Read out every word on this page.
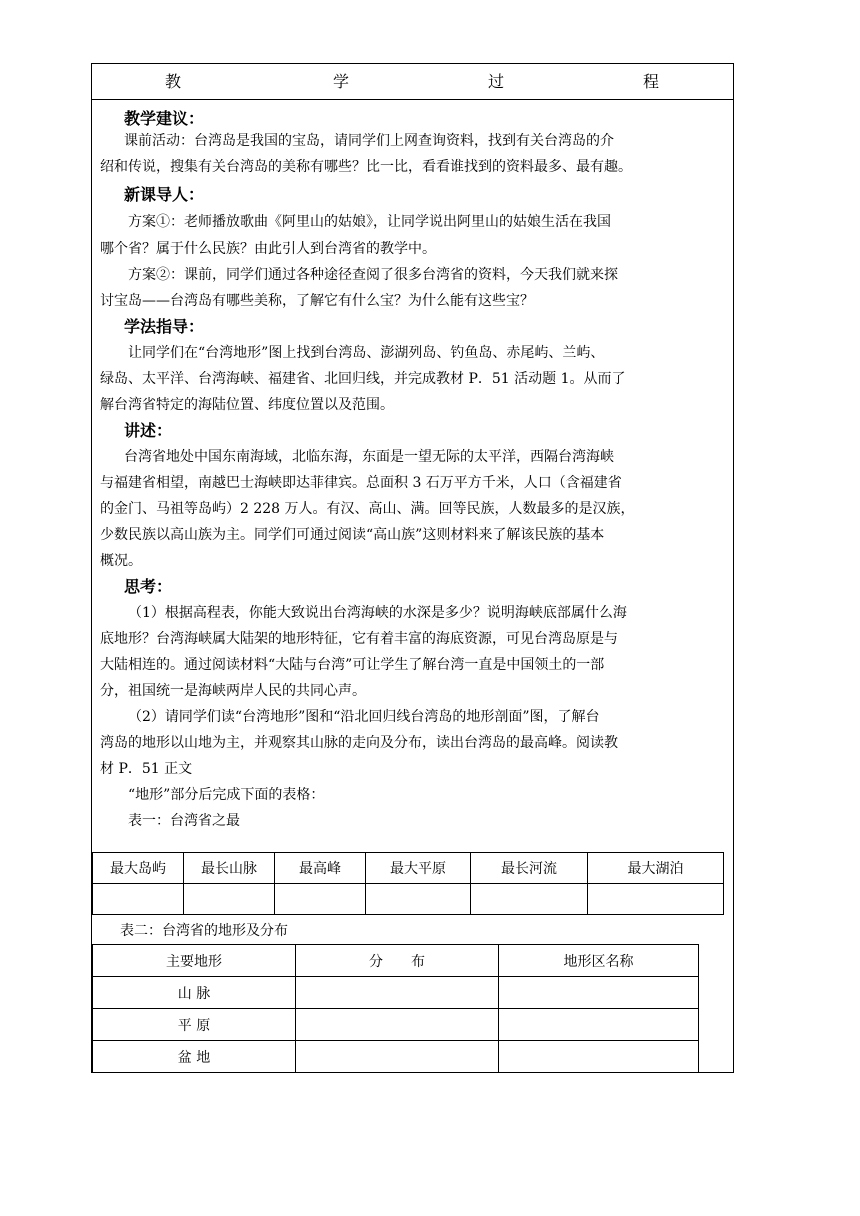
教	学	过	程
教学建议：
课前活动：台湾岛是我国的宝岛，请同学们上网查询资料，找到有关台湾岛的介
绍和传说，搜集有关台湾岛的美称有哪些？比一比，看看谁找到的资料最多、最有趣。
新课导人：
方案①：老师播放歌曲《阿里山的姑娘》，让同学说出阿里山的姑娘生活在我国
哪个省？属于什么民族？由此引人到台湾省的教学中。
方案②：课前，同学们通过各种途径查阅了很多台湾省的资料，今天我们就来探
讨宝岛——台湾岛有哪些美称，了解它有什么宝？为什么能有这些宝？
学法指导：
让同学们在“台湾地形”图上找到台湾岛、澎湖列岛、钓鱼岛、赤尾屿、兰屿、
绿岛、太平洋、台湾海峡、福建省、北回归线，并完成教材 P．51 活动题 1。从而了
解台湾省特定的海陆位置、纬度位置以及范围。
讲述：
台湾省地处中国东南海域，北临东海，东面是一望无际的太平洋，西隔台湾海峡
与福建省相望，南越巴士海峡即达菲律宾。总面积 3 石万平方千米，人口（含福建省
的金门、马祖等岛屿）2 228 万人。有汉、高山、满。回等民族，人数最多的是汉族，
少数民族以高山族为主。同学们可通过阅读“高山族”这则材料来了解该民族的基本
概况。
思考：
（1）根据高程表，你能大致说出台湾海峡的水深是多少？说明海峡底部属什么海
底地形？台湾海峡属大陆架的地形特征，它有着丰富的海底资源，可见台湾岛原是与
大陆相连的。通过阅读材料“大陆与台湾”可让学生了解台湾一直是中国领土的一部
分，祖国统一是海峡两岸人民的共同心声。
（2）请同学们读“台湾地形”图和“沿北回归线台湾岛的地形剖面”图，了解台
湾岛的地形以山地为主，并观察其山脉的走向及分布，读出台湾岛的最高峰。阅读教
材 P．51 正文
“地形”部分后完成下面的表格：
表一：台湾省之最
最大岛屿	最长山脉	最高峰	最大平原	最长河流	最大湖泊

表二：台湾省的地形及分布
主要地形	分　　布	地形区名称
山 脉		
平 原		
盆 地		
